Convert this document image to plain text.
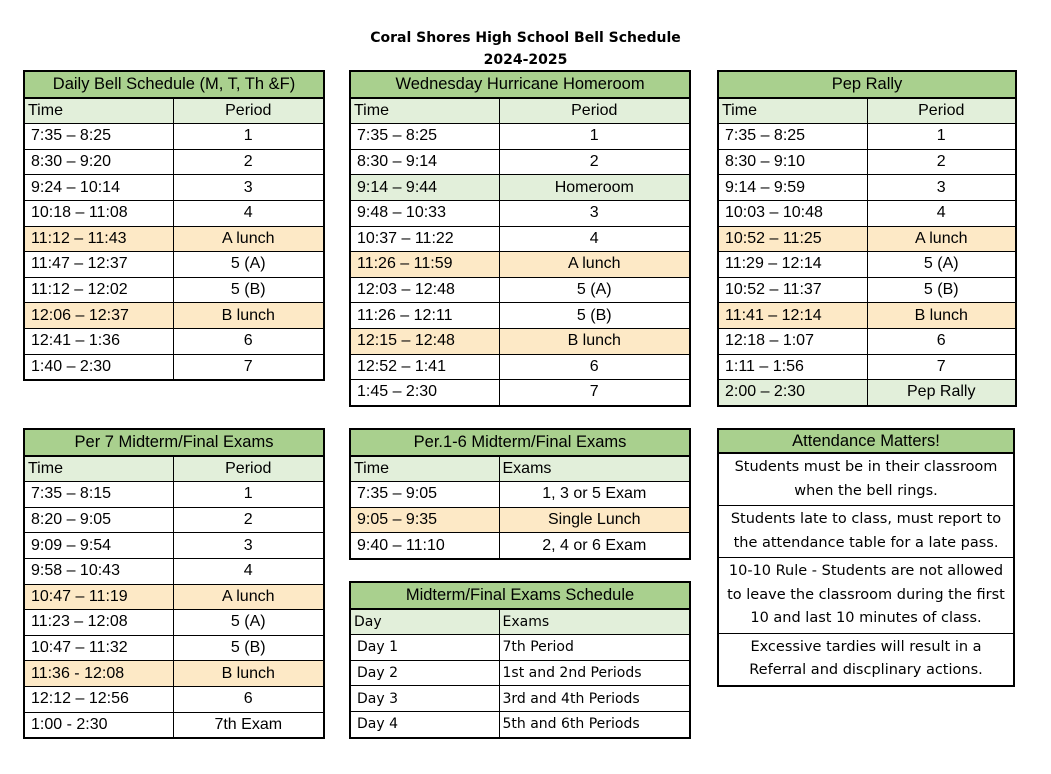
Coral Shores High School Bell Schedule
2024-2025
Daily Bell Schedule (M, T, Th &F)	
Time	Period
7:35 – 8:25	1
8:30 – 9:20	2
9:24 – 10:14	3
10:18 – 11:08	4
11:12 – 11:43	A lunch
11:47 – 12:37	5 (A)
11:12 – 12:02	5 (B)
12:06 – 12:37	B lunch
12:41 – 1:36	6
1:40 – 2:30	7
Wednesday Hurricane Homeroom	
Time	Period
7:35 – 8:25	1
8:30 – 9:14	2
9:14 – 9:44	Homeroom
9:48 – 10:33	3
10:37 – 11:22	4
11:26 – 11:59	A lunch
12:03 – 12:48	5 (A)
11:26 – 12:11	5 (B)
12:15 – 12:48	B lunch
12:52 – 1:41	6
1:45 – 2:30	7
Pep Rally	
Time	Period
7:35 – 8:25	1
8:30 – 9:10	2
9:14 – 9:59	3
10:03 – 10:48	4
10:52 – 11:25	A lunch
11:29 – 12:14	5 (A)
10:52 – 11:37	5 (B)
11:41 – 12:14	B lunch
12:18 – 1:07	6
1:11 – 1:56	7
2:00 – 2:30	Pep Rally
Per 7 Midterm/Final Exams	
Time	Period
7:35 – 8:15	1
8:20 – 9:05	2
9:09 – 9:54	3
9:58 – 10:43	4
10:47 – 11:19	A lunch
11:23 – 12:08	5 (A)
10:47 – 11:32	5 (B)
11:36 - 12:08	B lunch
12:12 – 12:56	6
1:00 - 2:30	7th Exam
Per.1-6 Midterm/Final Exams	
Time	Exams
7:35 – 9:05	1, 3 or 5 Exam
9:05 – 9:35	Single Lunch
9:40 – 11:10	2, 4 or 6 Exam
Midterm/Final Exams Schedule	
Day	Exams
Day 1	7th Period
Day 2	1st and 2nd Periods
Day 3	3rd and 4th Periods
Day 4	5th and 6th Periods
Attendance Matters!
Students must be in their classroom when the bell rings.
Students late to class, must report to the attendance table for a late pass.
10-10 Rule - Students are not allowed to leave the classroom during the first 10 and last 10 minutes of class.
Excessive tardies will result in a Referral and discplinary actions.
